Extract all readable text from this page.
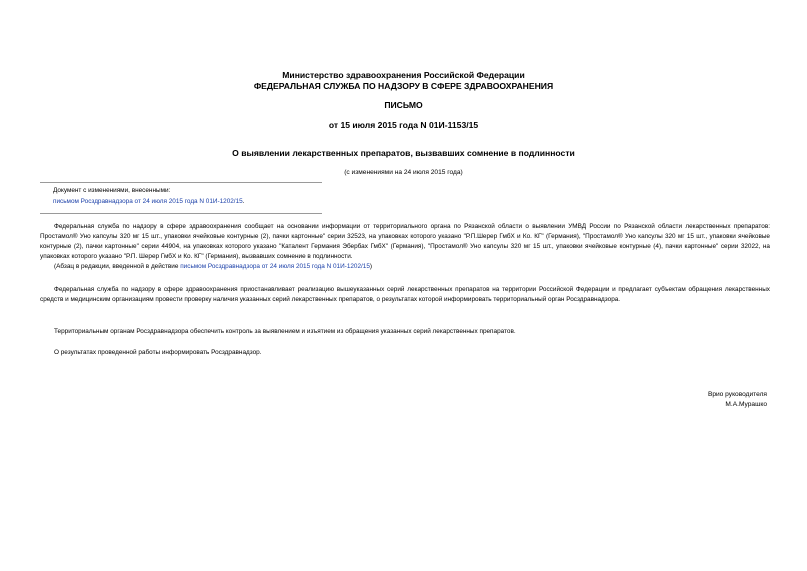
Министерство здравоохранения Российской Федерации
ФЕДЕРАЛЬНАЯ СЛУЖБА ПО НАДЗОРУ В СФЕРЕ ЗДРАВООХРАНЕНИЯ
ПИСЬМО
от 15 июля 2015 года N 01И-1153/15
О выявлении лекарственных препаратов, вызвавших сомнение в подлинности
(с изменениями на 24 июля 2015 года)
Документ с изменениями, внесенными:
письмом Росздравнадзора от 24 июля 2015 года N 01И-1202/15.
Федеральная служба по надзору в сфере здравоохранения сообщает на основании информации от территориального органа по Рязанской области о выявлении УМВД России по Рязанской области лекарственных препаратов: Простамол® Уно капсулы 320 мг 15 шт., упаковки ячейковые контурные (2), пачки картонные" серии 32523, на упаковках которого указано "Р.П.Шерер ГмбХ и Ко. КГ" (Германия), "Простамол® Уно капсулы 320 мг 15 шт., упаковки ячейковые контурные (2), пачки картонные" серии 44904, на упаковках которого указано "Каталент Германия Эбербах ГмбХ" (Германия), "Простамол® Уно капсулы 320 мг 15 шт., упаковки ячейковые контурные (4), пачки картонные" серии 32022, на упаковках которого указано "Р.П. Шерер ГмбХ и Ко. КГ" (Германия), вызвавших сомнение в подлинности.
(Абзац в редакции, введенной в действие письмом Росздравнадзора от 24 июля 2015 года N 01И-1202/15)
Федеральная служба по надзору в сфере здравоохранения приостанавливает реализацию вышеуказанных серий лекарственных препаратов на территории Российской Федерации и предлагает субъектам обращения лекарственных средств и медицинским организациям провести проверку наличия указанных серий лекарственных препаратов, о результатах которой информировать территориальный орган Росздравнадзора.
Территориальным органам Росздравнадзора обеспечить контроль за выявлением и изъятием из обращения указанных серий лекарственных препаратов.
О результатах проведенной работы информировать Росздравнадзор.
Врио руководителя
М.А.Мурашко
